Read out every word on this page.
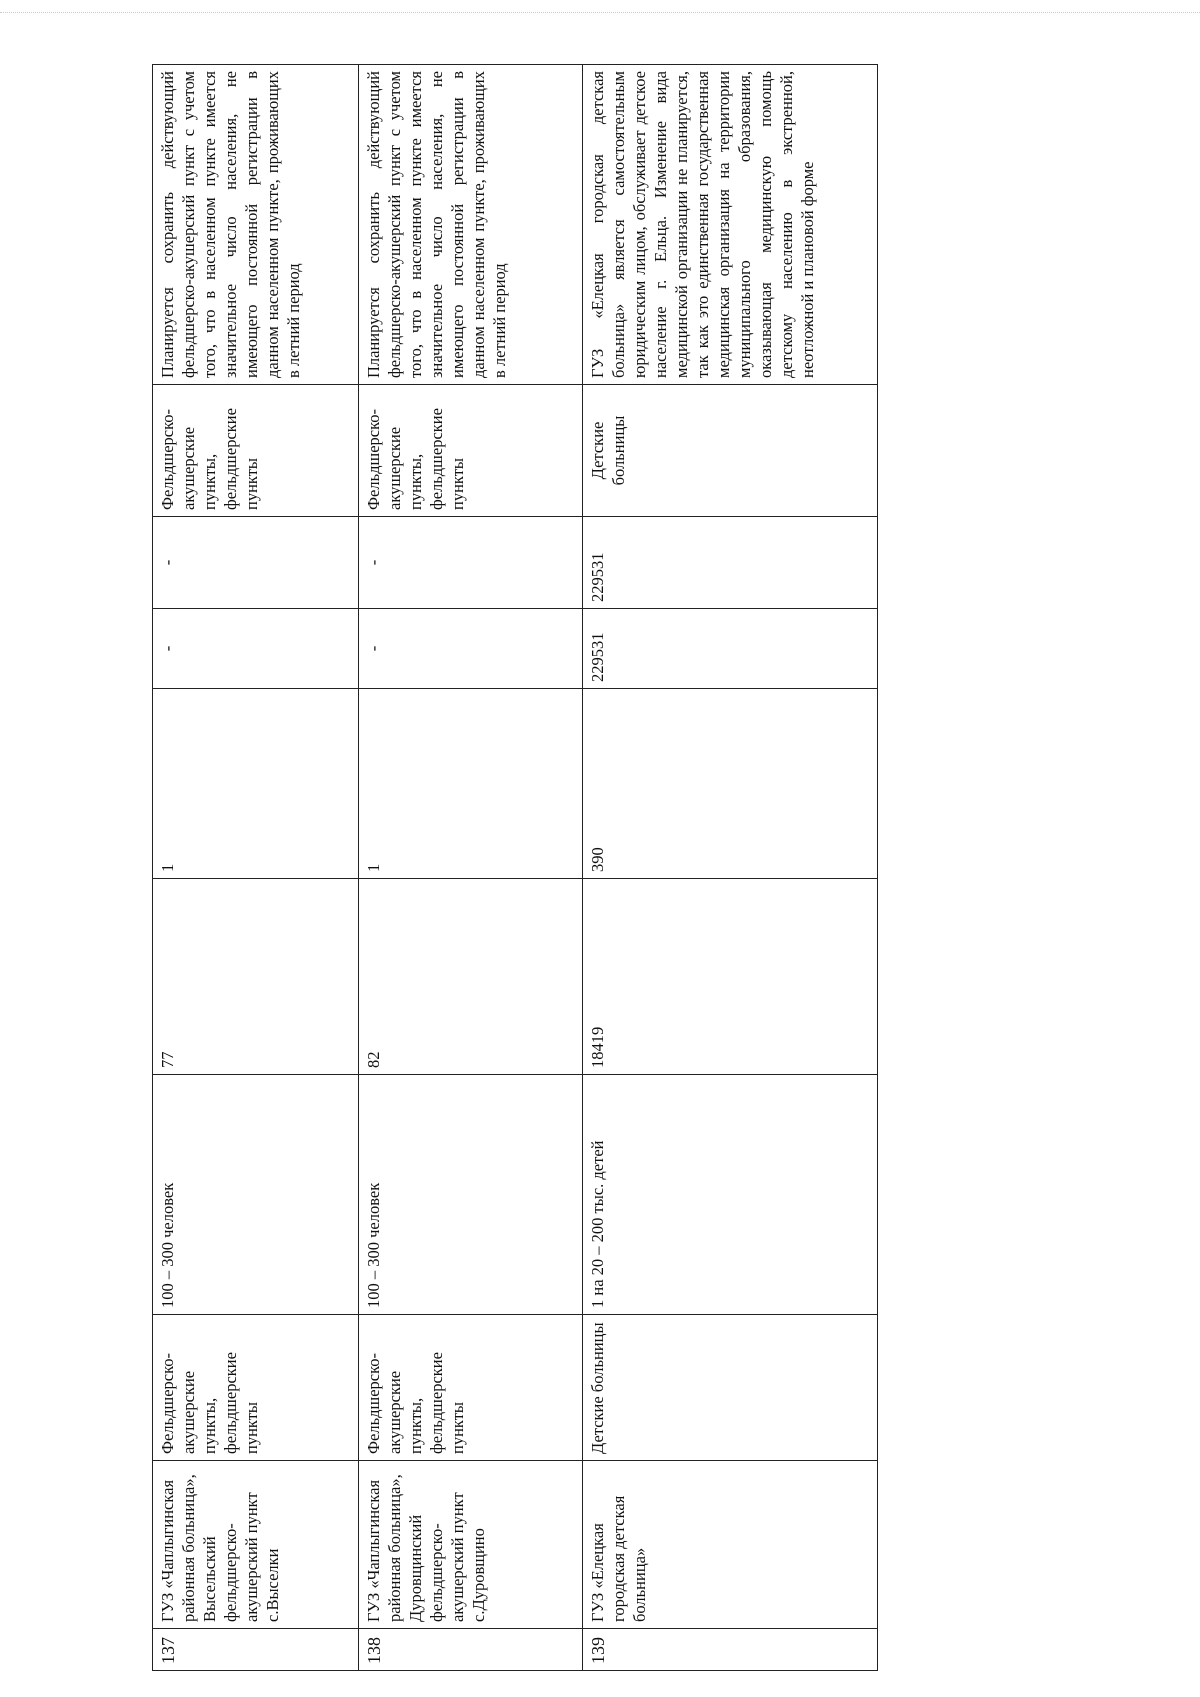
137	ГУЗ «Чаплыгинская районная больница», Высельский фельдшерско-акушерский пункт с.Выселки	Фельдшерско-акушерские пункты, фельдшерские пункты	100 – 300 человек	77	1	-	-	Фельдшерско-акушерские пункты, фельдшерские пункты	Планируется сохранить действующий фельдшерско-акушерский пункт с учетом того, что в населенном пункте имеется значительное число населения, не имеющего постоянной регистрации в данном населенном пункте, проживающих в летний период
138	ГУЗ «Чаплыгинская районная больница», Дуровщинский фельдшерско-акушерский пункт с.Дуровщино	Фельдшерско-акушерские пункты, фельдшерские пункты	100 – 300 человек	82	1	-	-	Фельдшерско-акушерские пункты, фельдшерские пункты	Планируется сохранить действующий фельдшерско-акушерский пункт с учетом того, что в населенном пункте имеется значительное число населения, не имеющего постоянной регистрации в данном населенном пункте, проживающих в летний период
139	ГУЗ «Елецкая городская детская больница»	Детские больницы	1 на 20 – 200 тыс. детей	18419	390	229531	229531	Детские больницы	ГУЗ «Елецкая городская детская больница» является самостоятельным юридическим лицом, обслуживает детское население г. Ельца. Изменение вида медицинской организации не планируется, так как это единственная государственная медицинская организация на территории муниципального образования, оказывающая медицинскую помощь детскому населению в экстренной, неотложной и плановой форме
